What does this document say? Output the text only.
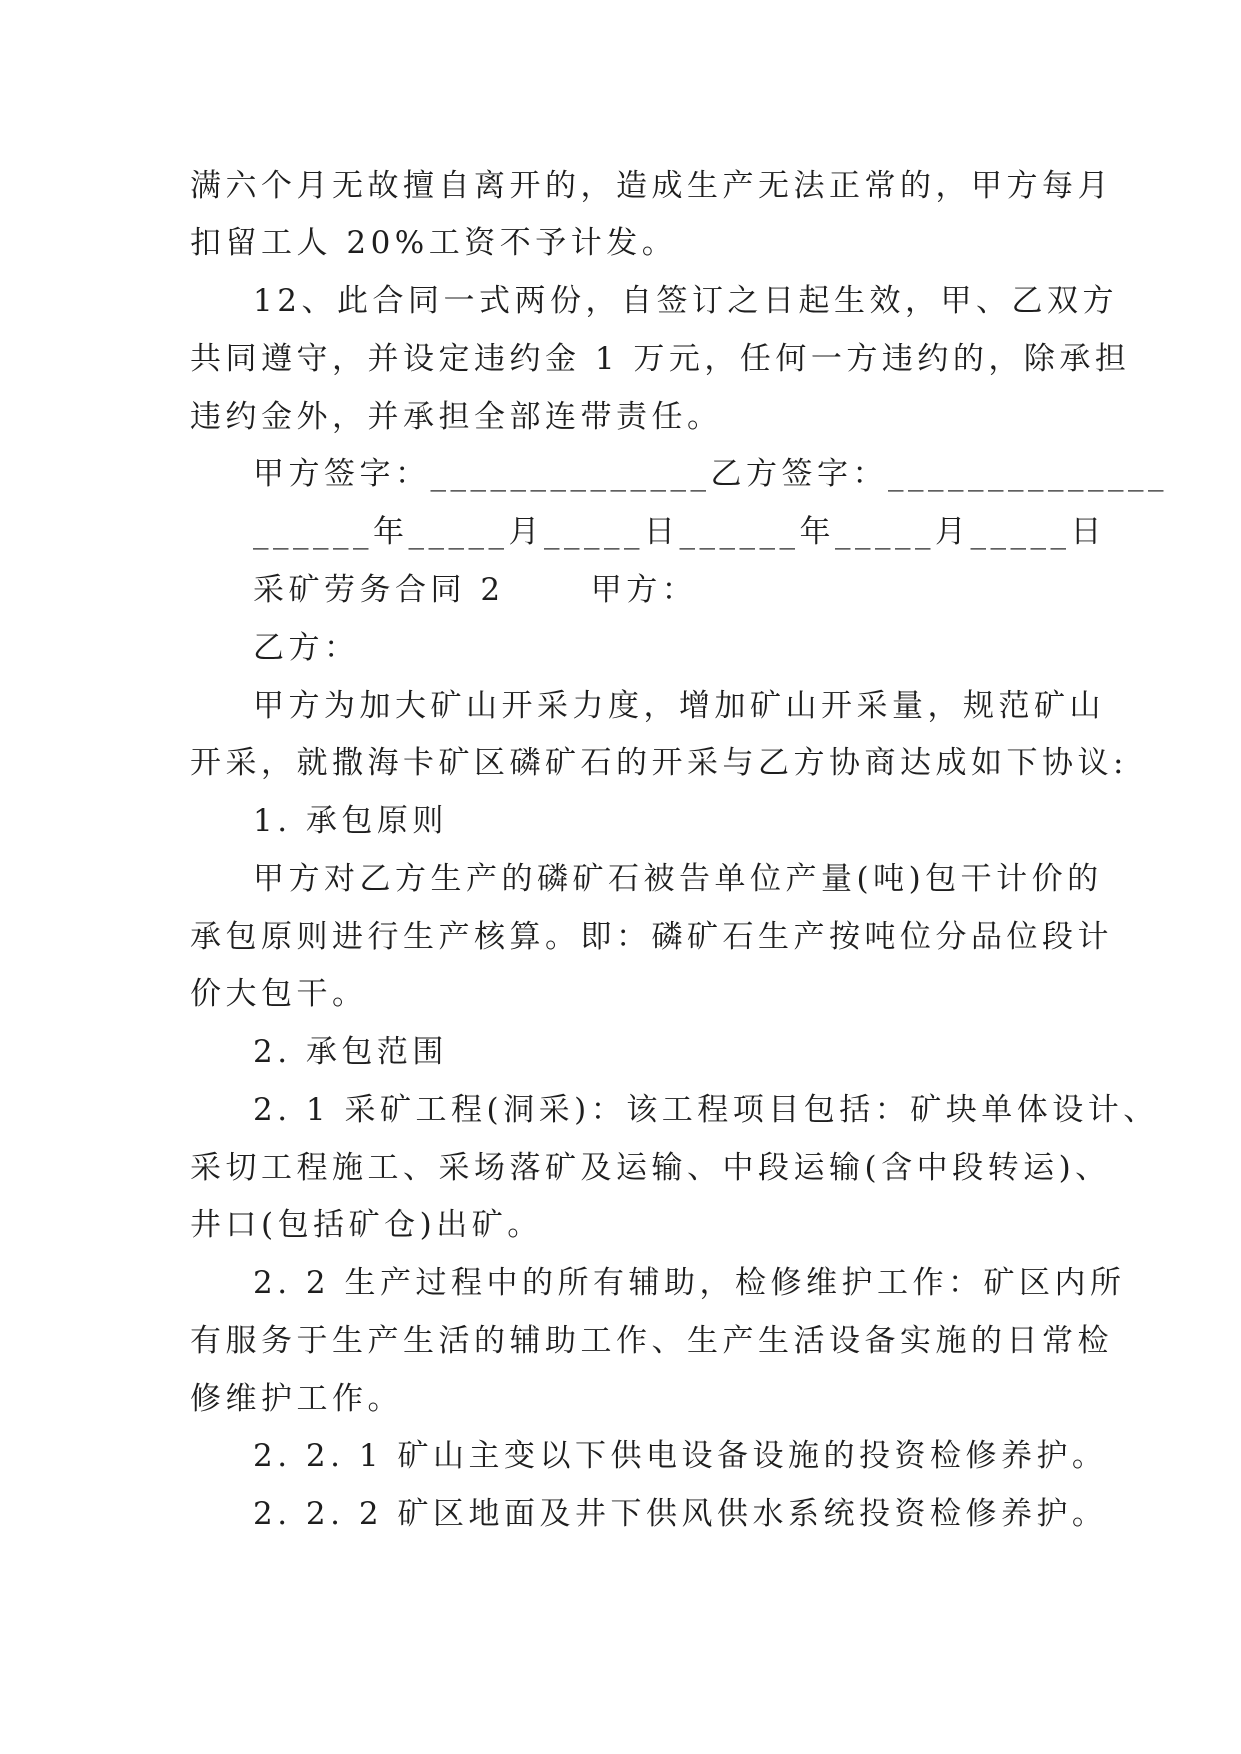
满六个月无故擅自离开的，造成生产无法正常的，甲方每月
扣留工人 20%工资不予计发。
12、此合同一式两份，自签订之日起生效，甲、乙双方
共同遵守，并设定违约金 1 万元，任何一方违约的，除承担
违约金外，并承担全部连带责任。
甲方签字：______________乙方签字：______________
______年_____月_____日______年_____月_____日
采矿劳务合同 2      甲方：
乙方：
甲方为加大矿山开采力度，增加矿山开采量，规范矿山
开采，就撒海卡矿区磷矿石的开采与乙方协商达成如下协议:
1. 承包原则
甲方对乙方生产的磷矿石被告单位产量(吨)包干计价的
承包原则进行生产核算。即：磷矿石生产按吨位分品位段计
价大包干。
2. 承包范围
2. 1 采矿工程(洞采)：该工程项目包括：矿块单体设计、
采切工程施工、采场落矿及运输、中段运输(含中段转运)、
井口(包括矿仓)出矿。
2. 2 生产过程中的所有辅助，检修维护工作：矿区内所
有服务于生产生活的辅助工作、生产生活设备实施的日常检
修维护工作。
2. 2. 1 矿山主变以下供电设备设施的投资检修养护。
2. 2. 2 矿区地面及井下供风供水系统投资检修养护。
